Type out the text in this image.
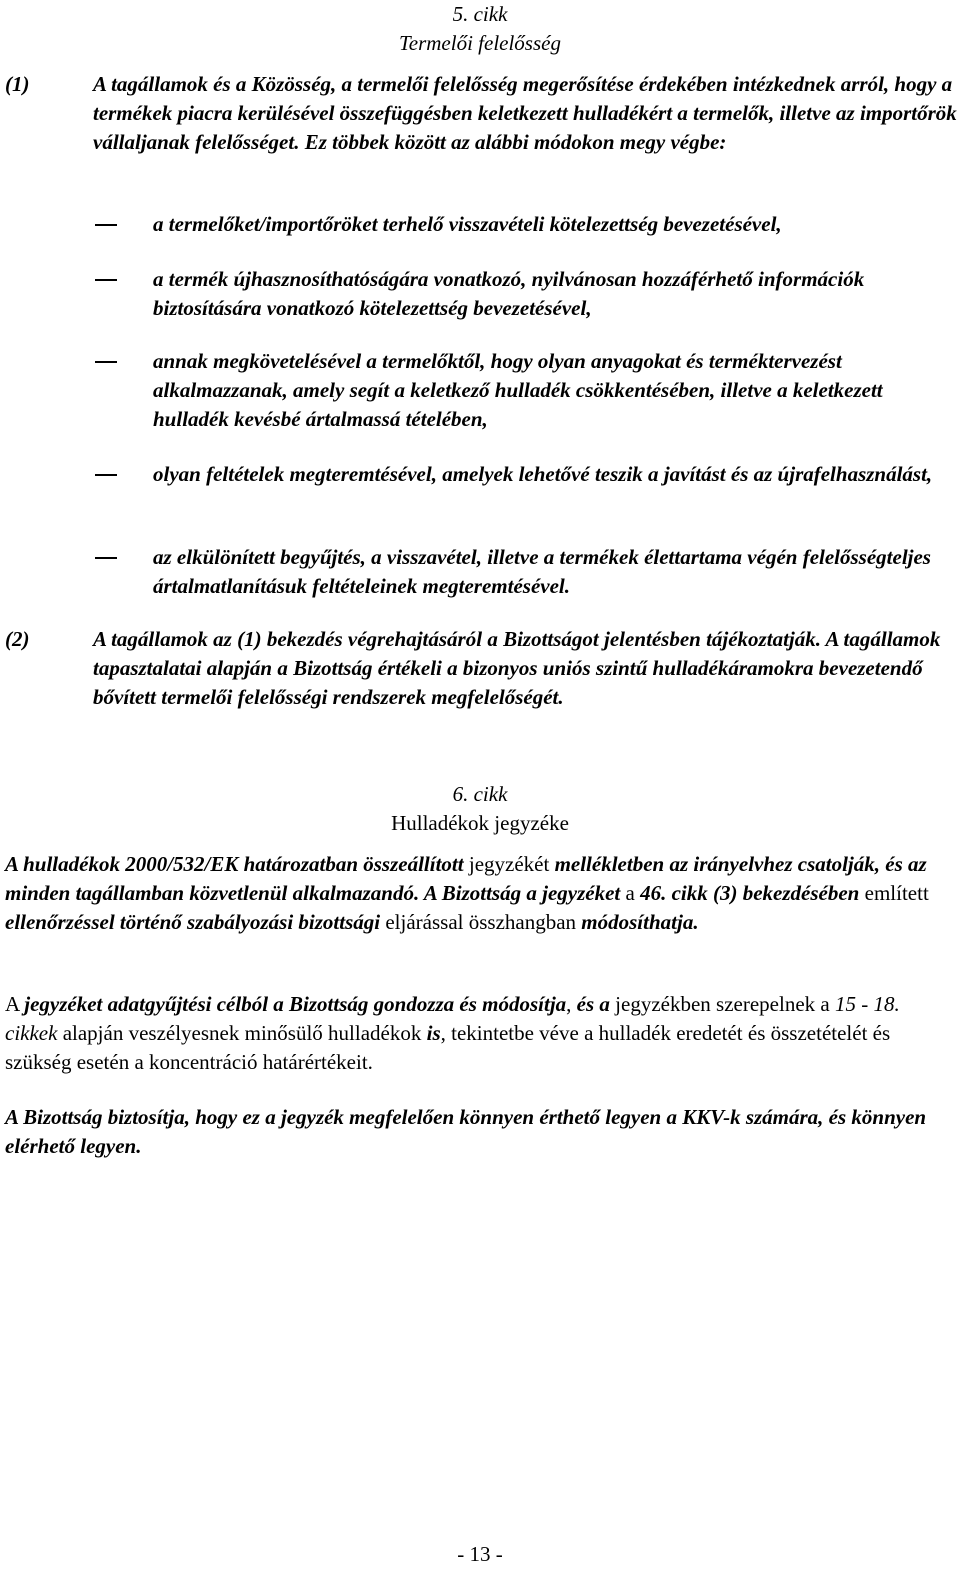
5. cikk
Termelői felelősség
(1)	A tagállamok és a Közösség, a termelői felelősség megerősítése érdekében intézkednek arról, hogy a termékek piacra kerülésével összefüggésben keletkezett hulladékért a termelők, illetve az importőrök vállaljanak felelősséget. Ez többek között az alábbi módokon megy végbe:
a termelőket/importőröket terhelő visszavételi kötelezettség bevezetésével,
a termék újhasznosíthatóságára vonatkozó, nyilvánosan hozzáférhető információk biztosítására vonatkozó kötelezettség bevezetésével,
annak megkövetelésével a termelőktől, hogy olyan anyagokat és terméktervezést alkalmazzanak, amely segít a keletkező hulladék csökkentésében, illetve a keletkezett hulladék kevésbé ártalmassá tételében,
olyan feltételek megteremtésével, amelyek lehetővé teszik a javítást és az újrafelhasználást,
az elkülönített begyűjtés, a visszavétel, illetve a termékek élettartama végén felelősségteljes ártalmatlanításuk feltételeinek megteremtésével.
(2)	A tagállamok az (1) bekezdés végrehajtásáról a Bizottságot jelentésben tájékoztatják. A tagállamok tapasztalatai alapján a Bizottság értékeli a bizonyos uniós szintű hulladékáramokra bevezetendő bővített termelői felelősségi rendszerek megfelelőségét.
6. cikk
Hulladékok jegyzéke
A hulladékok 2000/532/EK határozatban összeállított jegyzékét mellékletben az irányelvhez csatolják, és az minden tagállamban közvetlenül alkalmazandó. A Bizottság a jegyzéket a 46. cikk (3) bekezdésében említett ellenőrzéssel történő szabályozási bizottsági eljárással összhangban módosíthatja.
A jegyzéket adatgyűjtési célból a Bizottság gondozza és módosítja, és a jegyzékben szerepelnek a 15 - 18. cikkek alapján veszélyesnek minősülő hulladékok is, tekintetbe véve a hulladék eredetét és összetételét és szükség esetén a koncentráció határértékeit.
A Bizottság biztosítja, hogy ez a jegyzék megfelelően könnyen érthető legyen a KKV-k számára, és könnyen elérhető legyen.
- 13 -
